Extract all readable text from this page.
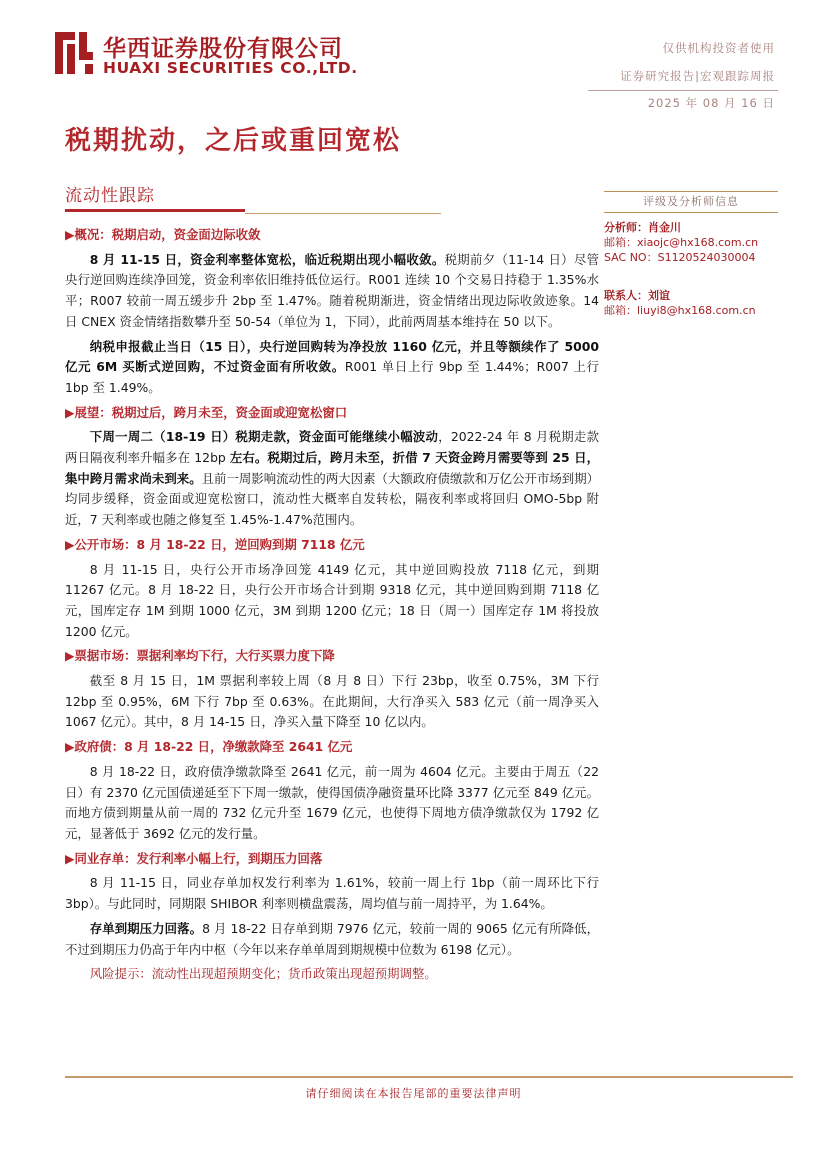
华西证券股份有限公司
HUAXI SECURITIES CO.,LTD.
仅供机构投资者使用
证券研究报告|宏观跟踪周报
2025 年 08 月 16 日
税期扰动，之后或重回宽松
流动性跟踪	评级及分析师信息
分析师：肖金川
邮箱：xiaojc@hx168.com.cn
SAC NO：S1120524030004
联系人：刘谊
邮箱：liuyi8@hx168.com.cn

▶概况：税期启动，资金面边际收敛

8 月 11-15 日，资金利率整体宽松，临近税期出现小幅收敛。税期前夕（11-14 日）尽管央行逆回购连续净回笼，资金利率依旧维持低位运行。R001 连续 10 个交易日持稳于 1.35%水平；R007 较前一周五缓步升 2bp 至 1.47%。随着税期渐进，资金情绪出现边际收敛迹象。14 日 CNEX 资金情绪指数攀升至 50-54（单位为 1，下同），此前两周基本维持在 50 以下。

纳税申报截止当日（15 日），央行逆回购转为净投放 1160 亿元，并且等额续作了 5000 亿元 6M 买断式逆回购，不过资金面有所收敛。R001 单日上行 9bp 至 1.44%；R007 上行 1bp 至 1.49%。

▶展望：税期过后，跨月未至，资金面或迎宽松窗口

下周一周二（18-19 日）税期走款，资金面可能继续小幅波动，2022-24 年 8 月税期走款两日隔夜利率升幅多在 12bp 左右。税期过后，跨月未至，折借 7 天资金跨月需要等到 25 日，集中跨月需求尚未到来。且前一周影响流动性的两大因素（大额政府债缴款和万亿公开市场到期）均同步缓释，资金面或迎宽松窗口，流动性大概率自发转松，隔夜利率或将回归 OMO-5bp 附近，7 天利率或也随之修复至 1.45%-1.47%范围内。

▶公开市场：8 月 18-22 日，逆回购到期 7118 亿元

8 月 11-15 日，央行公开市场净回笼 4149 亿元，其中逆回购投放 7118 亿元，到期 11267 亿元。8 月 18-22 日，央行公开市场合计到期 9318 亿元，其中逆回购到期 7118 亿元，国库定存 1M 到期 1000 亿元，3M 到期 1200 亿元；18 日（周一）国库定存 1M 将投放 1200 亿元。

▶票据市场：票据利率均下行，大行买票力度下降

截至 8 月 15 日，1M 票据利率较上周（8 月 8 日）下行 23bp，收至 0.75%，3M 下行 12bp 至 0.95%，6M 下行 7bp 至 0.63%。在此期间，大行净买入 583 亿元（前一周净买入 1067 亿元）。其中，8 月 14-15 日，净买入量下降至 10 亿以内。

▶政府债：8 月 18-22 日，净缴款降至 2641 亿元

8 月 18-22 日，政府债净缴款降至 2641 亿元，前一周为 4604 亿元。主要由于周五（22 日）有 2370 亿元国债递延至下下周一缴款，使得国债净融资量环比降 3377 亿元至 849 亿元。而地方债到期量从前一周的 732 亿元升至 1679 亿元，也使得下周地方债净缴款仅为 1792 亿元，显著低于 3692 亿元的发行量。

▶同业存单：发行利率小幅上行，到期压力回落

8 月 11-15 日，同业存单加权发行利率为 1.61%，较前一周上行 1bp（前一周环比下行 3bp）。与此同时，同期限 SHIBOR 利率则横盘震荡，周均值与前一周持平，为 1.64%。

存单到期压力回落。8 月 18-22 日存单到期 7976 亿元，较前一周的 9065 亿元有所降低，不过到期压力仍高于年内中枢（今年以来存单单周到期规模中位数为 6198 亿元）。

风险提示：流动性出现超预期变化；货币政策出现超预期调整。

请仔细阅读在本报告尾部的重要法律声明
